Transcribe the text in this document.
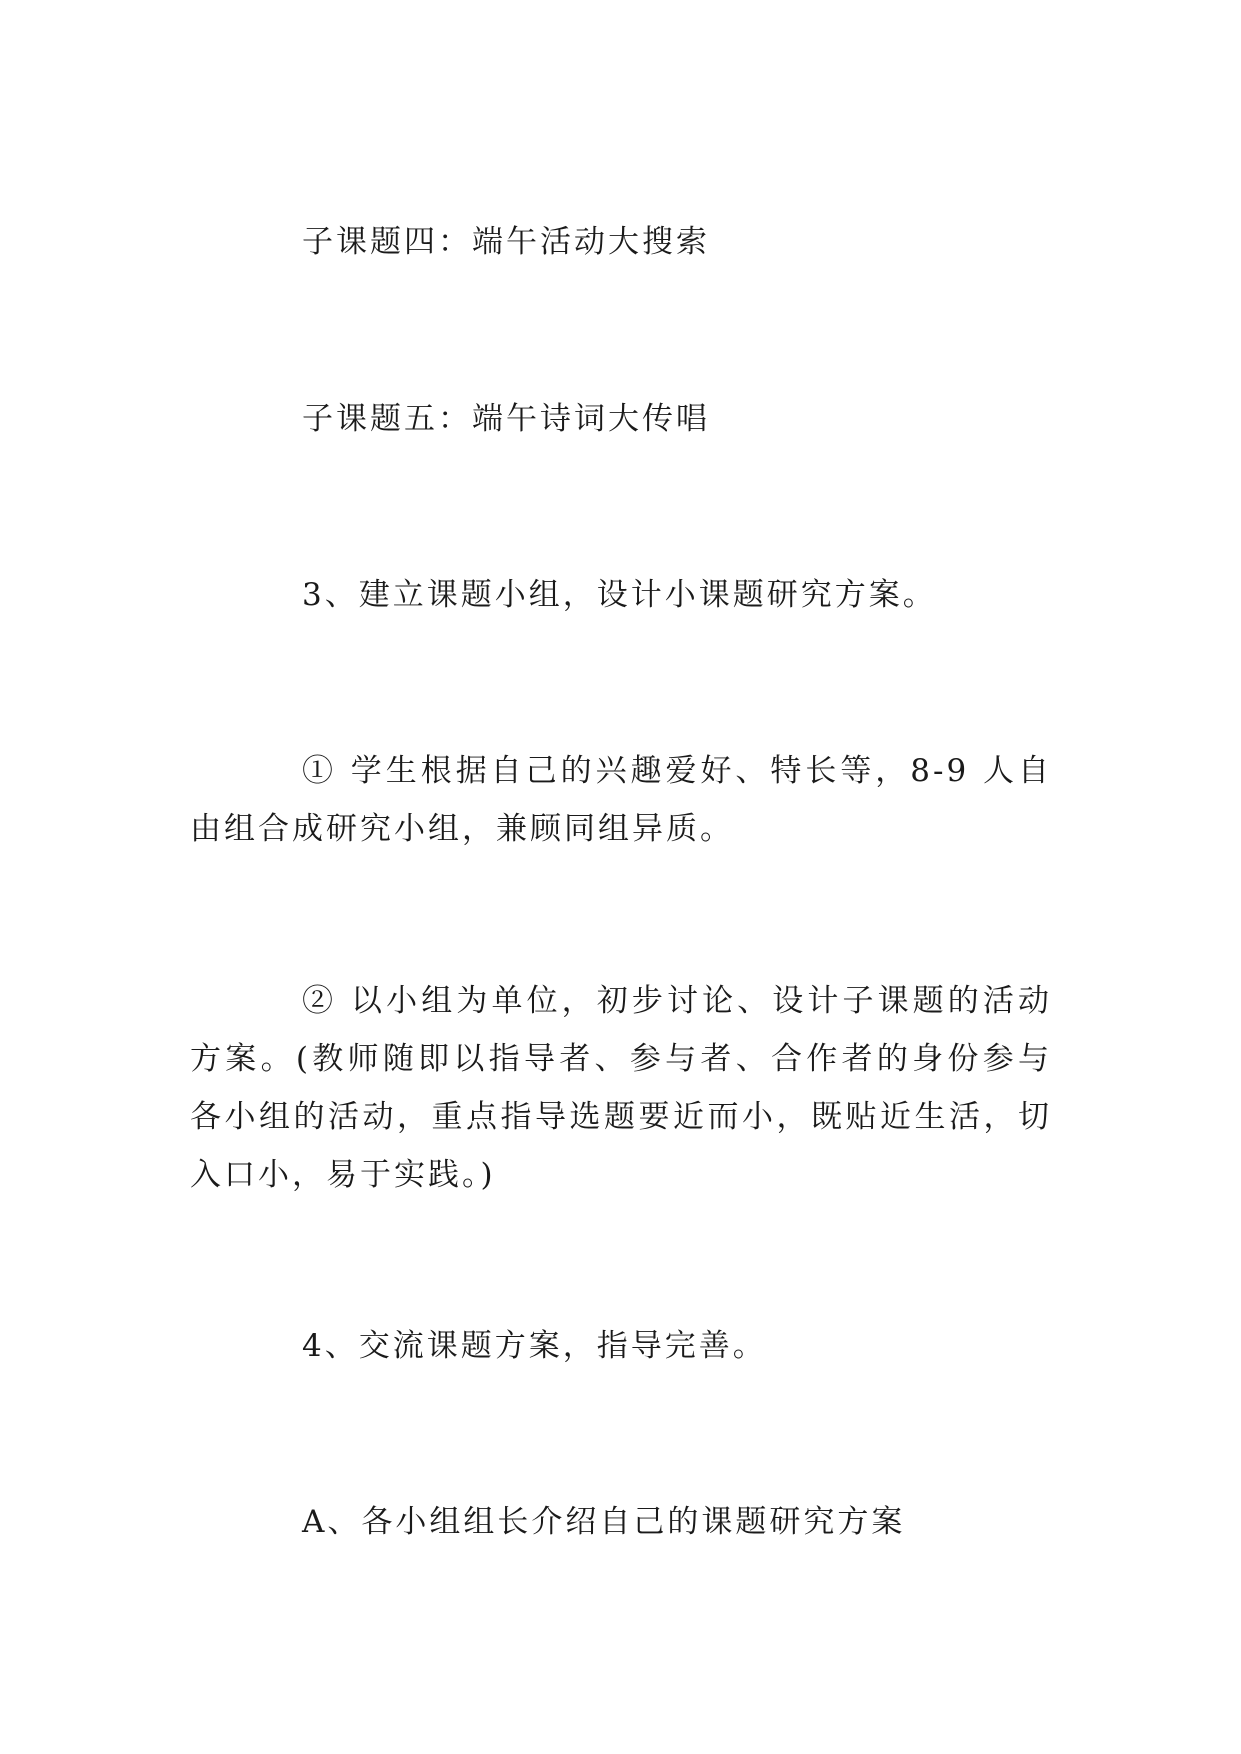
子课题四：端午活动大搜索

子课题五：端午诗词大传唱

3、建立课题小组，设计小课题研究方案。

① 学生根据自己的兴趣爱好、特长等，8-9 人自由组合成研究小组，兼顾同组异质。

② 以小组为单位，初步讨论、设计子课题的活动方案。(教师随即以指导者、参与者、合作者的身份参与各小组的活动，重点指导选题要近而小，既贴近生活，切入口小，易于实践。)

4、交流课题方案，指导完善。

A、各小组组长介绍自己的课题研究方案
